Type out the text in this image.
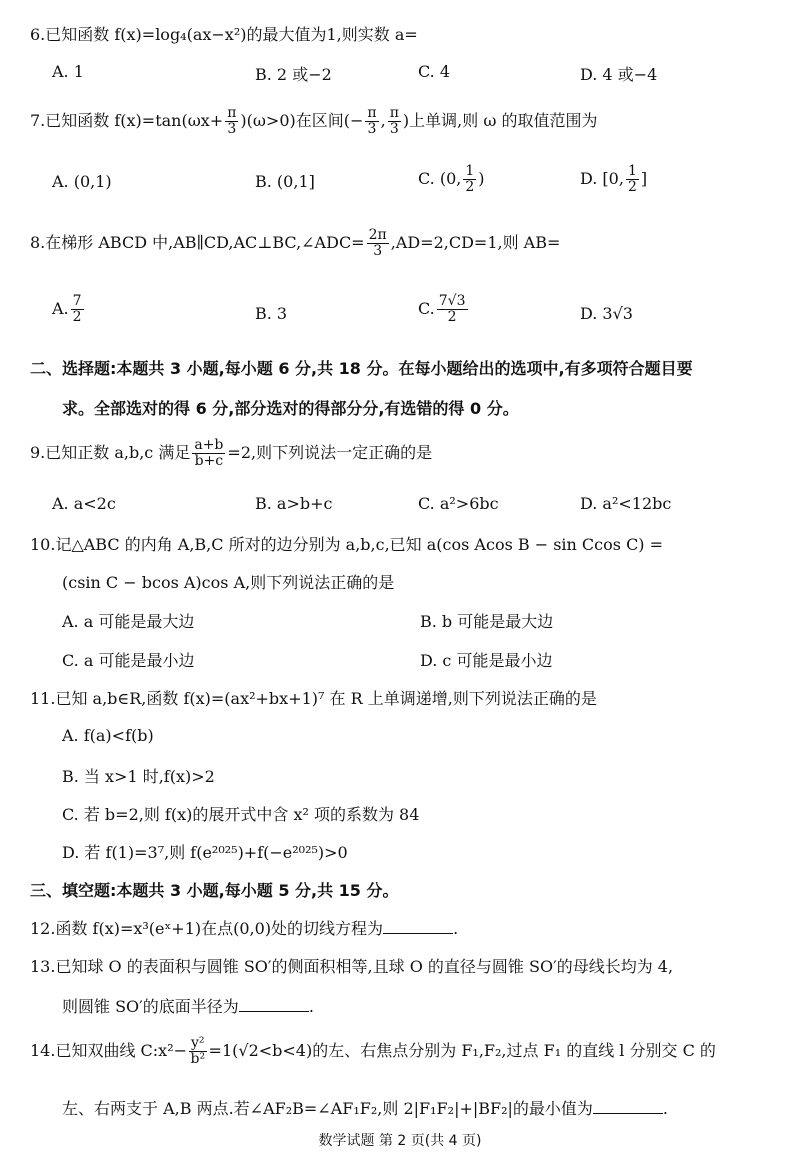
6.已知函数 f(x)=log₄(ax−x²)的最大值为1,则实数 a=
A. 1	B. 2 或−2	C. 4	D. 4 或−4
7.已知函数 $f(x)=\tan(\omega x+ \frac{\pi}{3} )(\omega>0)$在区间(− $\frac{\pi}{3}$ , $\frac{\pi}{3}$ )上单调,则 ω 的取值范围为
A. (0,1)	B. (0,1]	C. (0, $\frac{1}{2}$ )	D. [0, $\frac{1}{2}$ ]
8.在梯形 ABCD 中,AB∥CD,AC⊥BC,∠ADC= $\frac{2\pi}{3} ,AD=2,CD=1$,则 AB=
A. $\frac{7}{2}$	B. 3	C. $\frac{7√3}{2}$	D. 3√3
二、选择题:本题共 3 小题,每小题 6 分,共 18 分。在每小题给出的选项中,有多项符合题目要
求。全部选对的得 6 分,部分选对的得部分分,有选错的得 0 分。
9.已知正数 a,b,c 满足 $\frac{a+b}{b+c} =2$,则下列说法一定正确的是
A. a<2c	B. a>b+c	C. a²>6bc	D. a²<12bc
10.记△ABC 的内角 A,B,C 所对的边分别为 a,b,c,已知 a(cos Acos B − sin Ccos C) =
(csin C − bcos A)cos A,则下列说法正确的是
A. a 可能是最大边	B. b 可能是最大边
C. a 可能是最小边	D. c 可能是最小边
11.已知 a,b∈R,函数 f(x)=(ax²+bx+1)⁷ 在 R 上单调递增,则下列说法正确的是
A. f(a)<f(b)
B. 当 x>1 时,f(x)>2
C. 若 b=2,则 f(x)的展开式中含 x² 项的系数为 84
D. 若 f(1)=3⁷,则 f(e²⁰²⁵)+f(−e²⁰²⁵)>0
三、填空题:本题共 3 小题,每小题 5 分,共 15 分。
12.函数 f(x)=x³(eˣ+1)在点(0,0)处的切线方程为	.
13.已知球 O 的表面积与圆锥 SO′的侧面积相等,且球 O 的直径与圆锥 SO′的母线长均为 4,
则圆锥 SO′的底面半径为	.
14.已知双曲线 C:x²− $\frac{\text{y²}}{\text{b²}} =1(√2<b<4)$的左、右焦点分别为 F₁,F₂,过点 F₁ 的直线 l 分别交 C 的
左、右两支于 A,B 两点.若∠AF₂B=∠AF₁F₂,则 2|F₁F₂|+|BF₂|的最小值为	.
数学试题 第 2 页(共 4 页)
